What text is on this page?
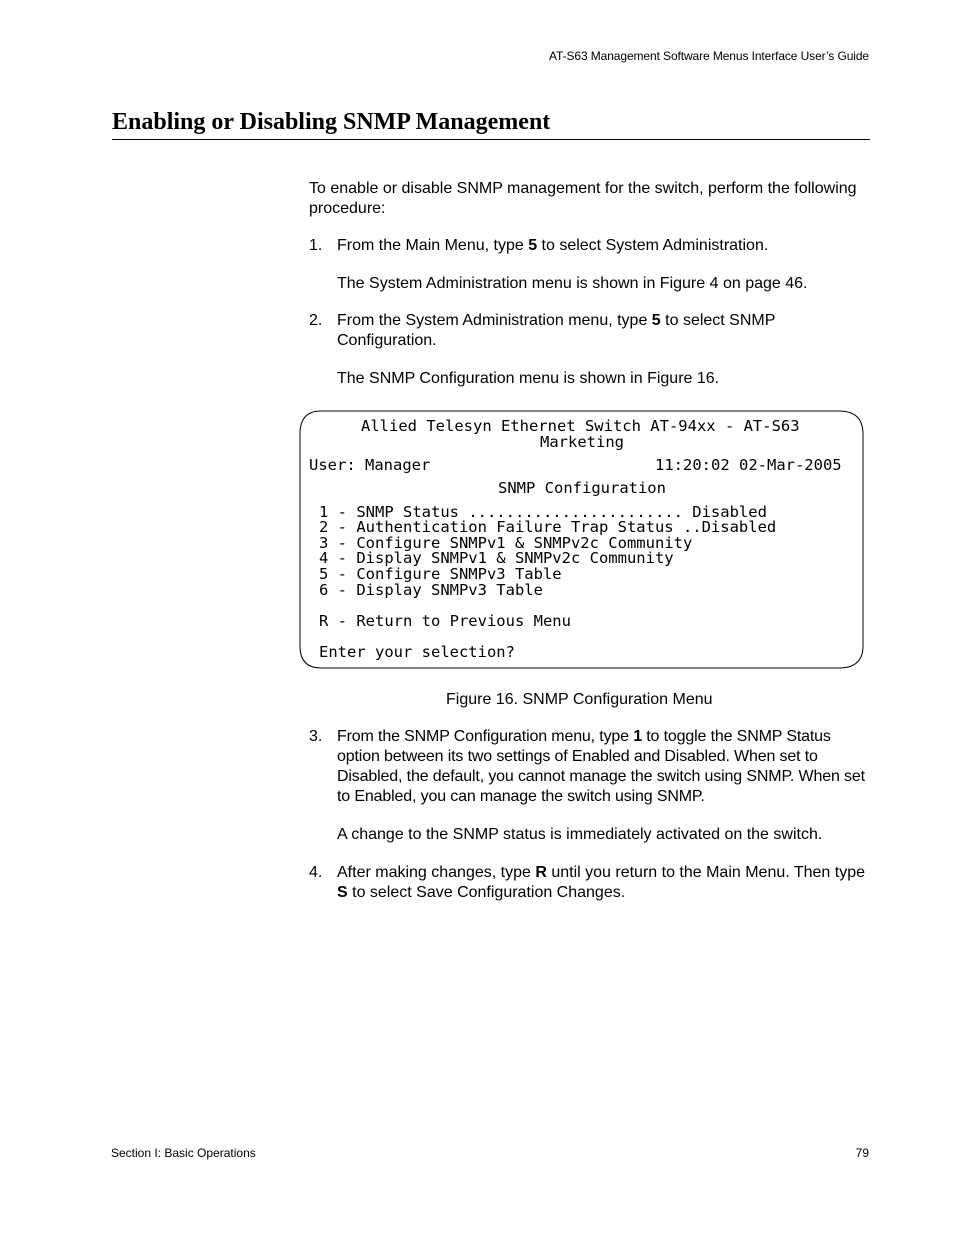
AT-S63 Management Software Menus Interface User’s Guide
Enabling or Disabling SNMP Management
To enable or disable SNMP management for the switch, perform the following procedure:
1. From the Main Menu, type 5 to select System Administration.
The System Administration menu is shown in Figure 4 on page 46.
2. From the System Administration menu, type 5 to select SNMP Configuration.
The SNMP Configuration menu is shown in Figure 16.
Allied Telesyn Ethernet Switch AT-94xx - AT-S63
Marketing
User: Manager	11:20:02 02-Mar-2005
SNMP Configuration
1 - SNMP Status ....................... Disabled
2 - Authentication Failure Trap Status ..Disabled
3 - Configure SNMPv1 & SNMPv2c Community
4 - Display SNMPv1 & SNMPv2c Community
5 - Configure SNMPv3 Table
6 - Display SNMPv3 Table
R - Return to Previous Menu
Enter your selection?
Figure 16. SNMP Configuration Menu
3. From the SNMP Configuration menu, type 1 to toggle the SNMP Status option between its two settings of Enabled and Disabled. When set to Disabled, the default, you cannot manage the switch using SNMP. When set to Enabled, you can manage the switch using SNMP.
A change to the SNMP status is immediately activated on the switch.
4. After making changes, type R until you return to the Main Menu. Then type S to select Save Configuration Changes.
Section I: Basic Operations	79
